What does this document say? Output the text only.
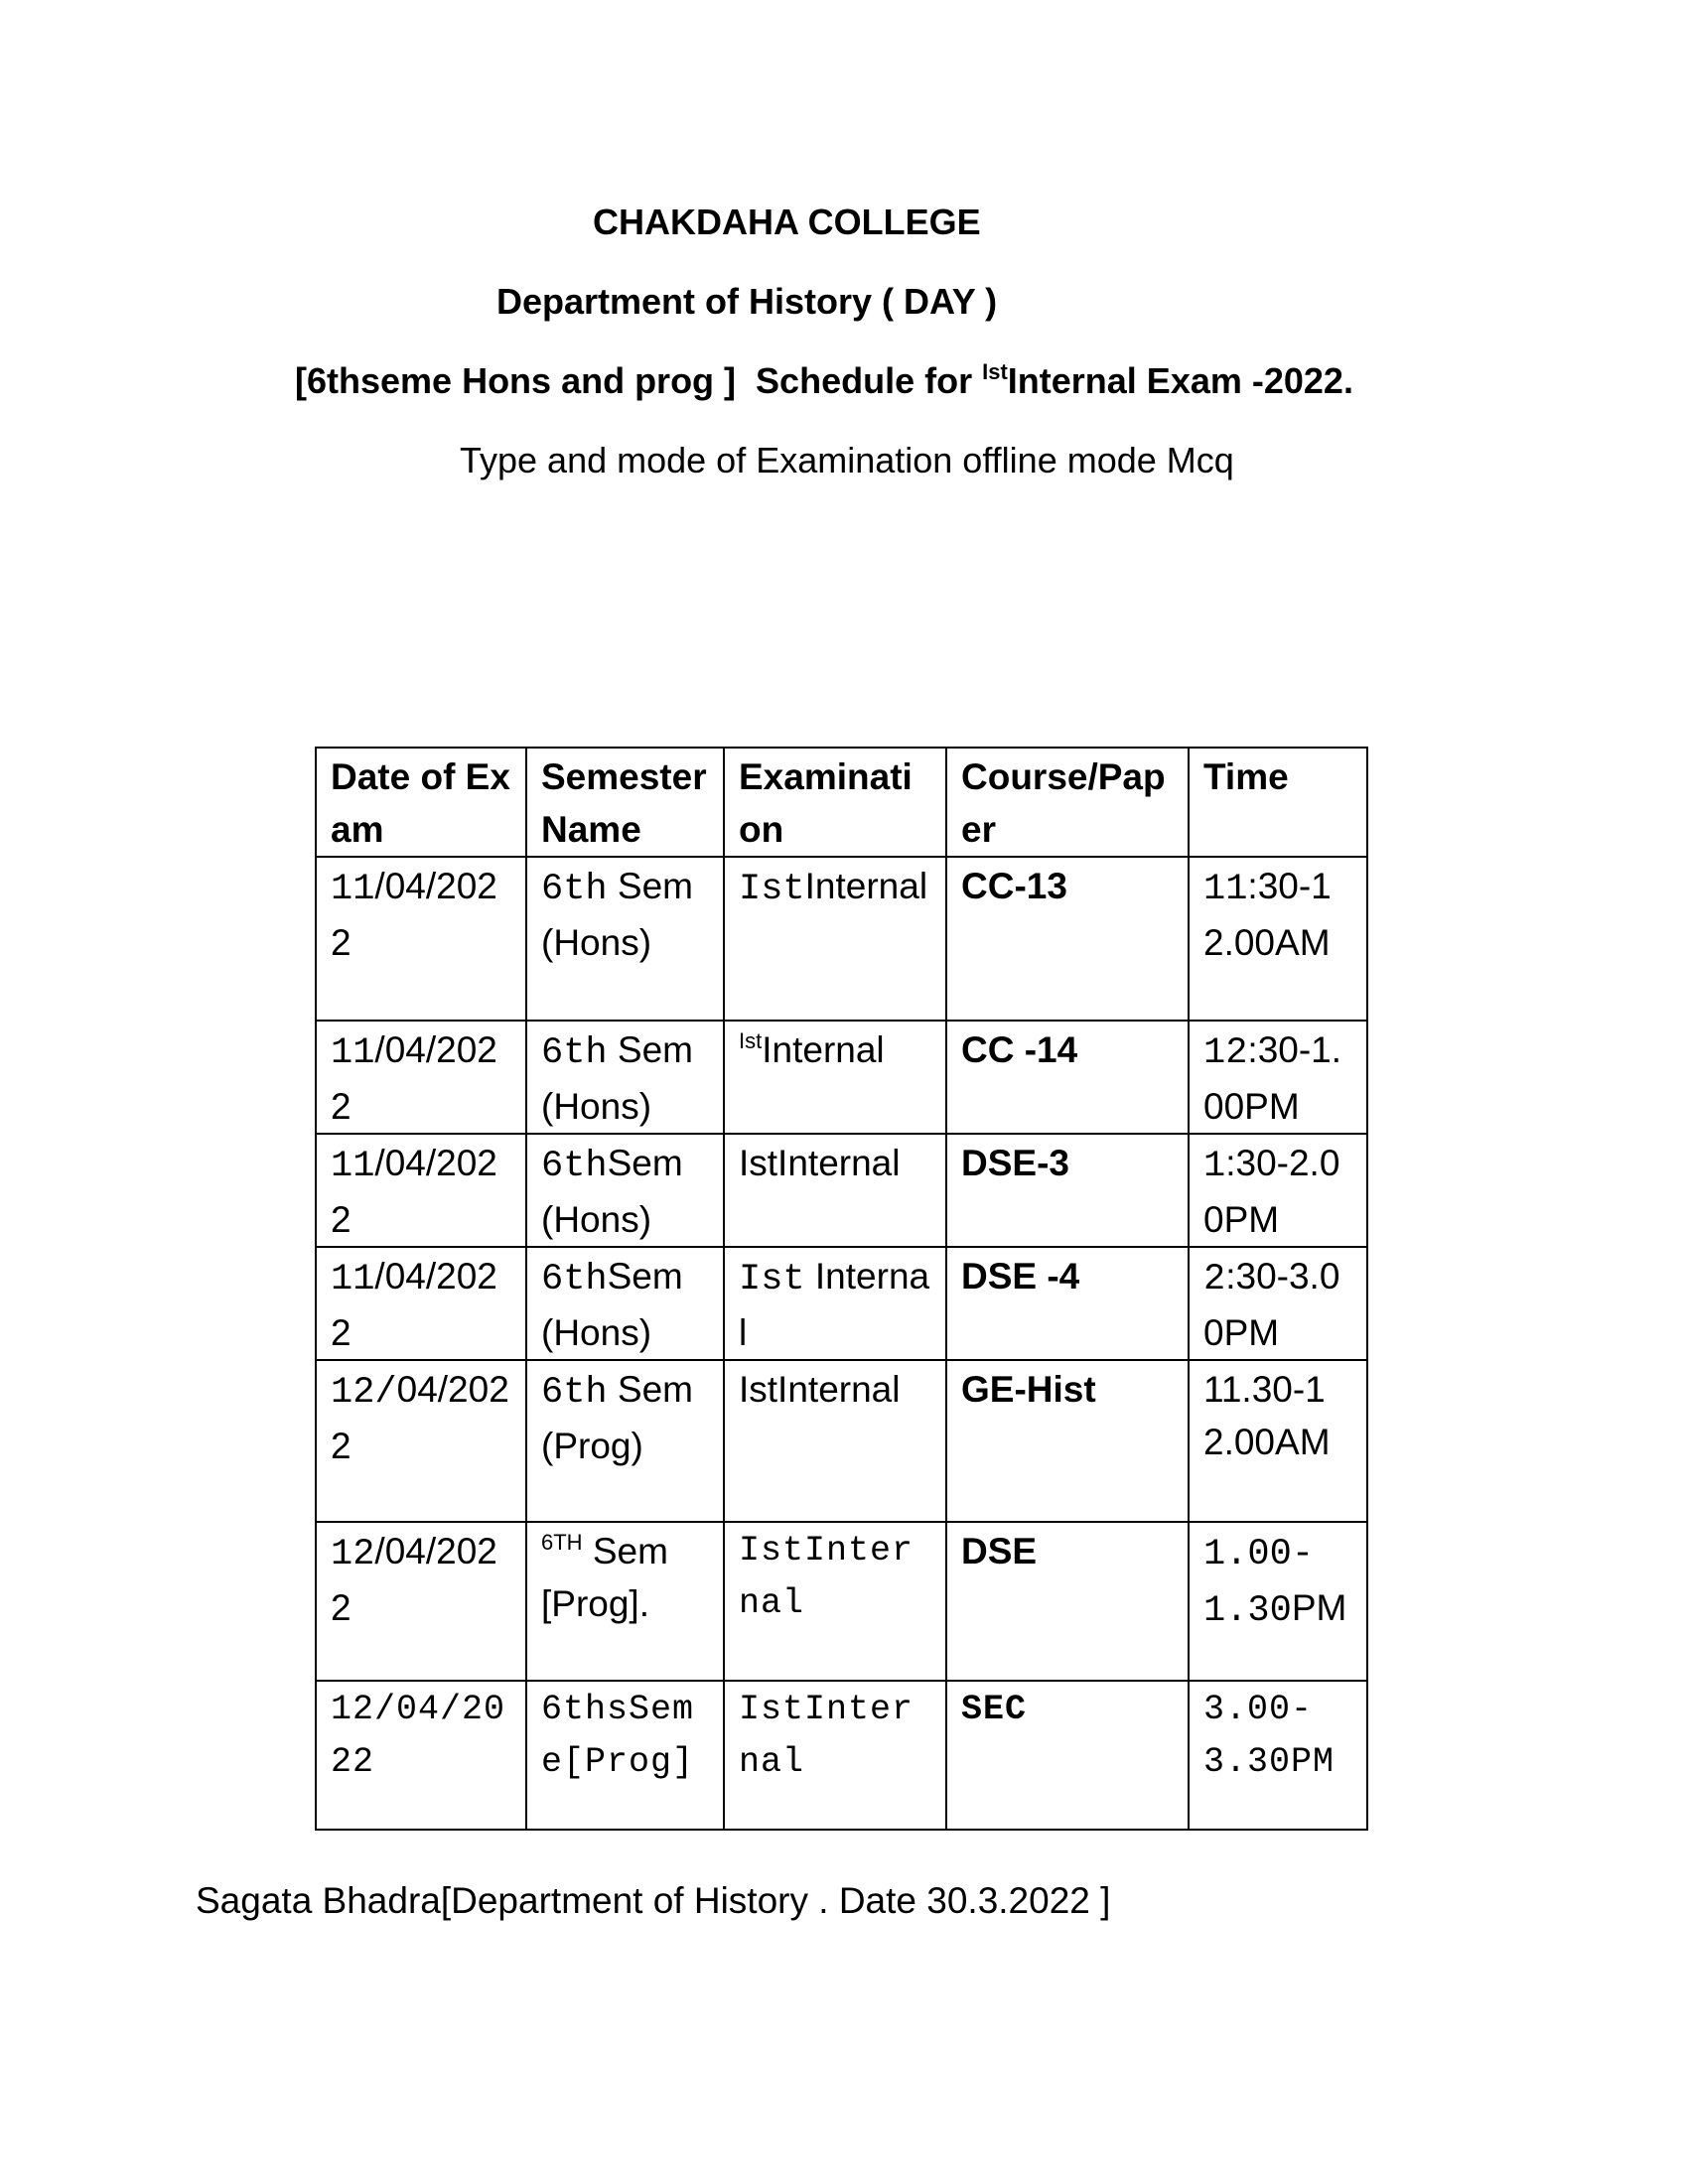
CHAKDAHA COLLEGE
Department of History ( DAY )
[6thseme Hons and prog ]  Schedule for $^{Ist}$Internal Exam -2022.
Type and mode of Examination offline mode Mcq
Date of Exam	Semester Name	Examination	Course/Paper	Time
11/04/2022	6th Sem (Hons)	IstInternal	CC-13	11:30-12.00AM
11/04/2022	6th Sem (Hons)	$^{Ist}$Internal	CC -14	12:30-1.00PM
11/04/2022	6thSem (Hons)	IstInternal	DSE-3	1:30-2.00PM
11/04/2022	6thSem (Hons)	Ist Internal	DSE -4	2:30-3.00PM
12/04/2022	6th Sem(Prog)	IstInternal	GE-Hist	11.30-12.00AM
12/04/2022	$^{6TH}$ Sem [Prog].	IstInternal	DSE	1.00-1.30PM
12/04/2022	6thsSeme[Prog]	IstInternal	SEC	3.00-3.30PM
Sagata Bhadra[Department of History . Date 30.3.2022 ]
